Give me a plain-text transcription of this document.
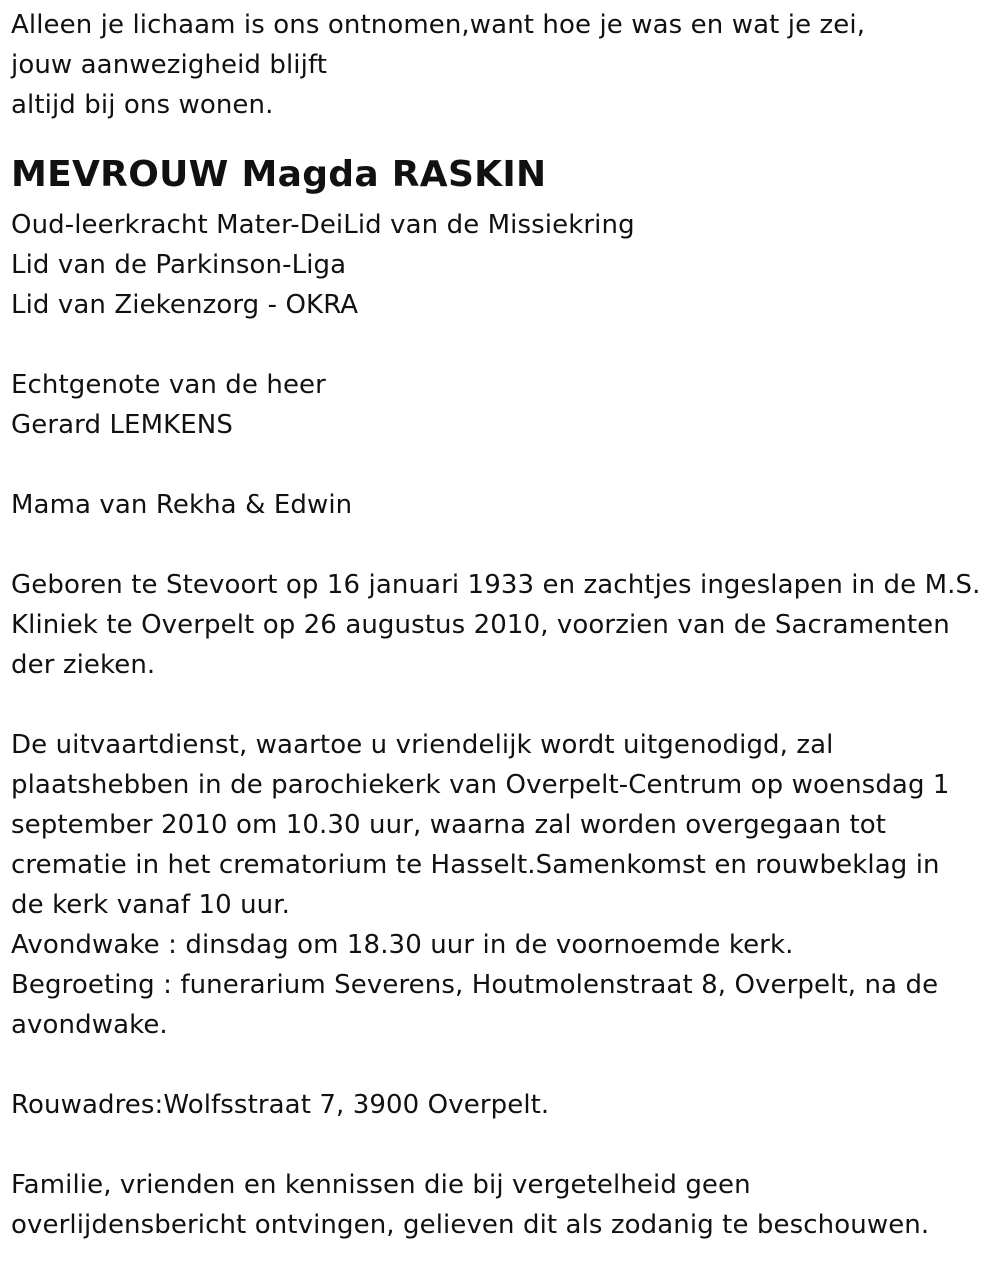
Alleen je lichaam is ons ontnomen,want hoe je was en wat je zei,
jouw aanwezigheid blijft
altijd bij ons wonen.
MEVROUW Magda RASKIN
Oud-leerkracht Mater-DeiLid van de Missiekring
Lid van de Parkinson-Liga
Lid van Ziekenzorg - OKRA
Echtgenote van de heer
Gerard LEMKENS
Mama van Rekha & Edwin
Geboren te Stevoort op 16 januari 1933 en zachtjes ingeslapen in de M.S.
Kliniek te Overpelt op 26 augustus 2010, voorzien van de Sacramenten
der zieken.
De uitvaartdienst, waartoe u vriendelijk wordt uitgenodigd, zal
plaatshebben in de parochiekerk van Overpelt-Centrum op woensdag 1
september 2010 om 10.30 uur, waarna zal worden overgegaan tot
crematie in het crematorium te Hasselt.Samenkomst en rouwbeklag in
de kerk vanaf 10 uur.
Avondwake : dinsdag om 18.30 uur in de voornoemde kerk.
Begroeting : funerarium Severens, Houtmolenstraat 8, Overpelt, na de
avondwake.
Rouwadres:Wolfsstraat 7, 3900 Overpelt.
Familie, vrienden en kennissen die bij vergetelheid geen
overlijdensbericht ontvingen, gelieven dit als zodanig te beschouwen.
